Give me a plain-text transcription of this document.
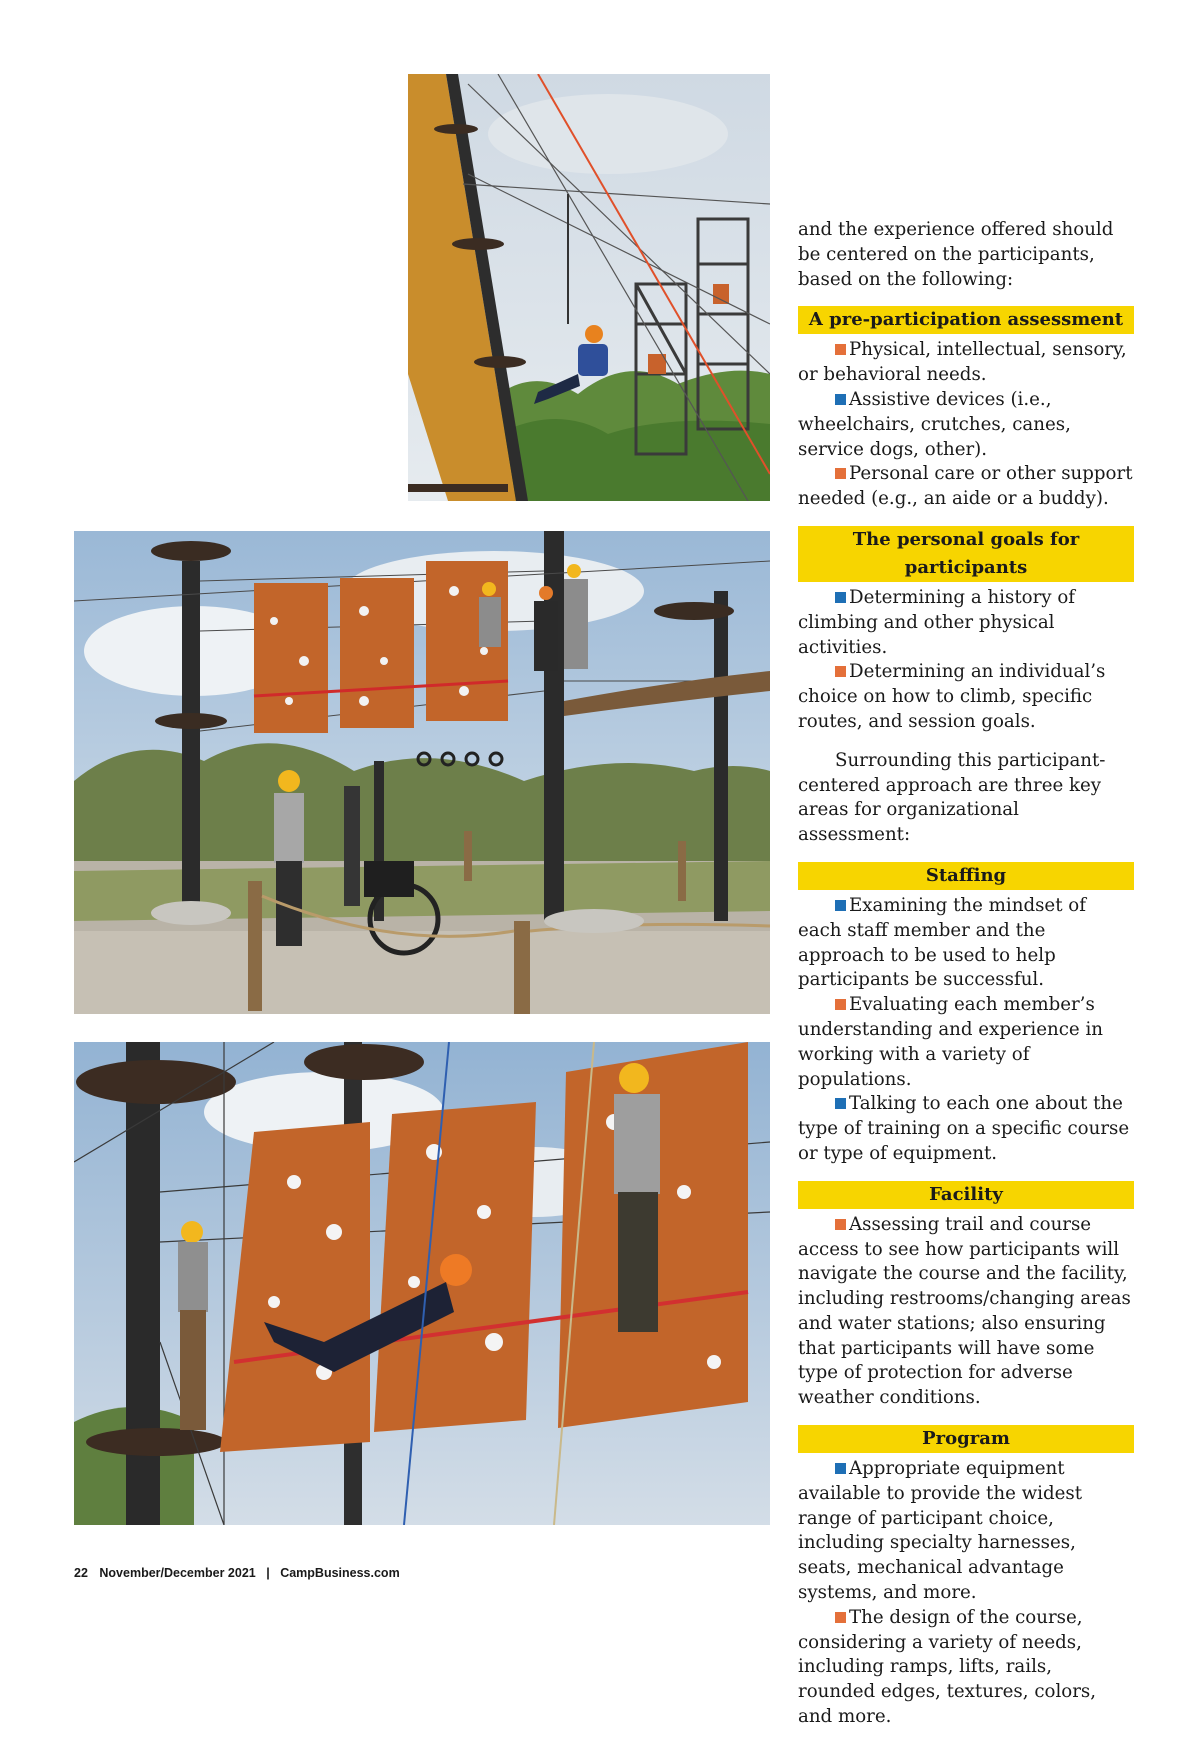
and the experience offered should be centered on the participants, based on the following:

A pre-participation assessment

Physical, intellectual, sensory, or behavioral needs.

Assistive devices (i.e., wheelchairs, crutches, canes, service dogs, other).

Personal care or other support needed (e.g., an aide or a buddy).

The personal goals for participants

Determining a history of climbing and other physical activities.

Determining an individual’s choice on how to climb, specific routes, and session goals.

Surrounding this participant-centered approach are three key areas for organizational assessment:

Staffing

Examining the mindset of each staff member and the approach to be used to help participants be successful.

Evaluating each member’s understanding and experience in working with a variety of populations.

Talking to each one about the type of training on a specific course or type of equipment.

Facility

Assessing trail and course access to see how participants will navigate the course and the facility, including restrooms/changing areas and water stations; also ensuring that participants will have some type of protection for adverse weather conditions.

Program

Appropriate equipment available to provide the widest range of participant choice, including specialty harnesses, seats, mechanical advantage systems, and more.

The design of the course, considering a variety of needs, including ramps, lifts, rails, rounded edges, textures, colors, and more.

22 November/December 2021 | CampBusiness.com
